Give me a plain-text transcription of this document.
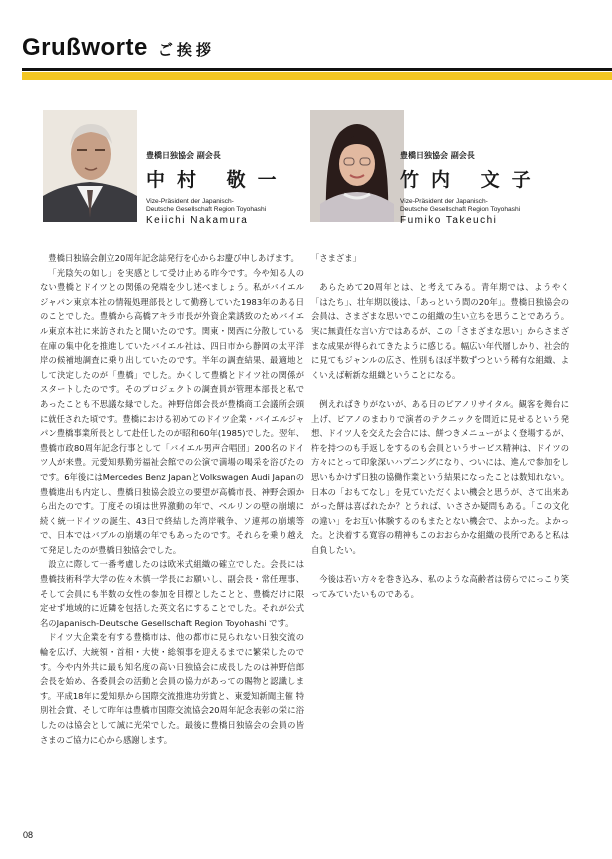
Grußworte ご挨拶
豊橋日独協会 副会長
中村 敬一
Vize-Präsident der Japanisch-
Deutsche Gesellschaft Region Toyohashi
Keiichi Nakamura
豊橋日独協会 副会長
竹内 文子
Vize-Präsident der Japanisch-
Deutsche Gesellschaft Region Toyohashi
Fumiko Takeuchi

豊橋日独協会創立20周年記念誌発行を心からお慶び申しあげます。

「光陰矢の如し」を実感として受け止める昨今です。今や知る人のない豊橋とドイツとの関係の発端を少し述べましょう。私がバイエルジャパン東京本社の情報処理部長として勤務していた1983年のある日のことでした。豊橋から高橋アキラ市長が外資企業誘致のためバイエル東京本社に来訪されたと聞いたのです。関東・関西に分散している在庫の集中化を推進していたバイエル社は、四日市から静岡の太平洋岸の候補地調査に乗り出していたのです。半年の調査結果、最適地として決定したのが「豊橋」でした。かくして豊橋とドイツ社の関係がスタートしたのです。そのプロジェクトの調査員が管理本部長と私であったことも不思議な縁でした。神野信郎会長が豊橋商工会議所会頭に就任された頃です。豊橋における初めてのドイツ企業・バイエルジャパン豊橋事業所長として赴任したのが昭和60年(1985)でした。翌年、豊橋市政80周年記念行事として「バイエル男声合唱団」200名のドイツ人が来豊。元愛知県勤労福祉会館での公演で満場の喝采を浴びたのです。6年後にはMercedes Benz JapanとVolkswagen Audi Japanの豊橋進出も内定し、豊橋日独協会設立の要望が高橋市長、神野会頭から出たのです。丁度その頃は世界激動の年で、ベルリンの壁の崩壊に続く統一ドイツの誕生、43日で終結した湾岸戦争、ソ連邦の崩壊等で、日本ではバブルの崩壊の年でもあったのです。それらを乗り越えて発足したのが豊橋日独協会でした。

設立に際して一番考慮したのは欧米式組織の確立でした。会長には豊橋技術科学大学の佐々木慎一学長にお願いし、副会長・常任理事、そして会員にも半数の女性の参加を目標としたことと、豊橋だけに限定せず地域的に近隣を包括した英文名にすることでした。それが公式名のJapanisch-Deutsche Gesellschaft Region Toyohashi です。

ドイツ大企業を有する豊橋市は、他の都市に見られない日独交流の輪を広げ、大統領・首相・大使・総領事を迎えるまでに繁栄したのです。今や内外共に最も知名度の高い日独協会に成長したのは神野信郎会長を始め、各委員会の活動と会員の協力があっての賜物と認識します。平成18年に愛知県から国際交流推進功労賞と、東愛知新聞主催 特別社会賞、そして昨年は豊橋市国際交流協会20周年記念表彰の栄に浴したのは協会として誠に光栄でした。最後に豊橋日独協会の会員の皆さまのご協力に心から感謝します。

「さまざま」

あらためて20周年とは、と考えてみる。青年期では、ようやく「はたち」、壮年期以後は、「あっという間の20年」。豊橋日独協会の会員は、さまざまな思いでこの組織の生い立ちを思うことであろう。実に無責任な言い方ではあるが、この「さまざまな思い」からさまざまな成果が得られてきたように感じる。幅広い年代層しかり、社会的に見てもジャンルの広さ、性別もほぼ半数ずつという稀有な組織、よくいえば斬新な組織ということになる。

例えればきりがないが、ある日のピアノリサイタル。観客を舞台に上げ、ピアノのまわりで演者のテクニックを間近に見せるという発想、ドイツ人を交えた会合には、餅つきメニューがよく登場するが、杵を持つのも手返しをするのも会員というサービス精神は、ドイツの方々にとって印象深いハプニングになり、ついには、進んで参加をし思いもかけず日独の協働作業という結果になったことは数知れない。日本の「おもてなし」を見ていただくよい機会と思うが、さて出来あがった餅は喜ばれたか？とうれば、いささか疑問もある。「この文化の違い」をお互い体験するのもまたとない機会で、よかった。よかった。と決着する寛容の精神もこのおおらかな組織の長所であると私は自負したい。

今後は若い方々を巻き込み、私のような高齢者は傍らでにっこり笑ってみていたいものである。

08
